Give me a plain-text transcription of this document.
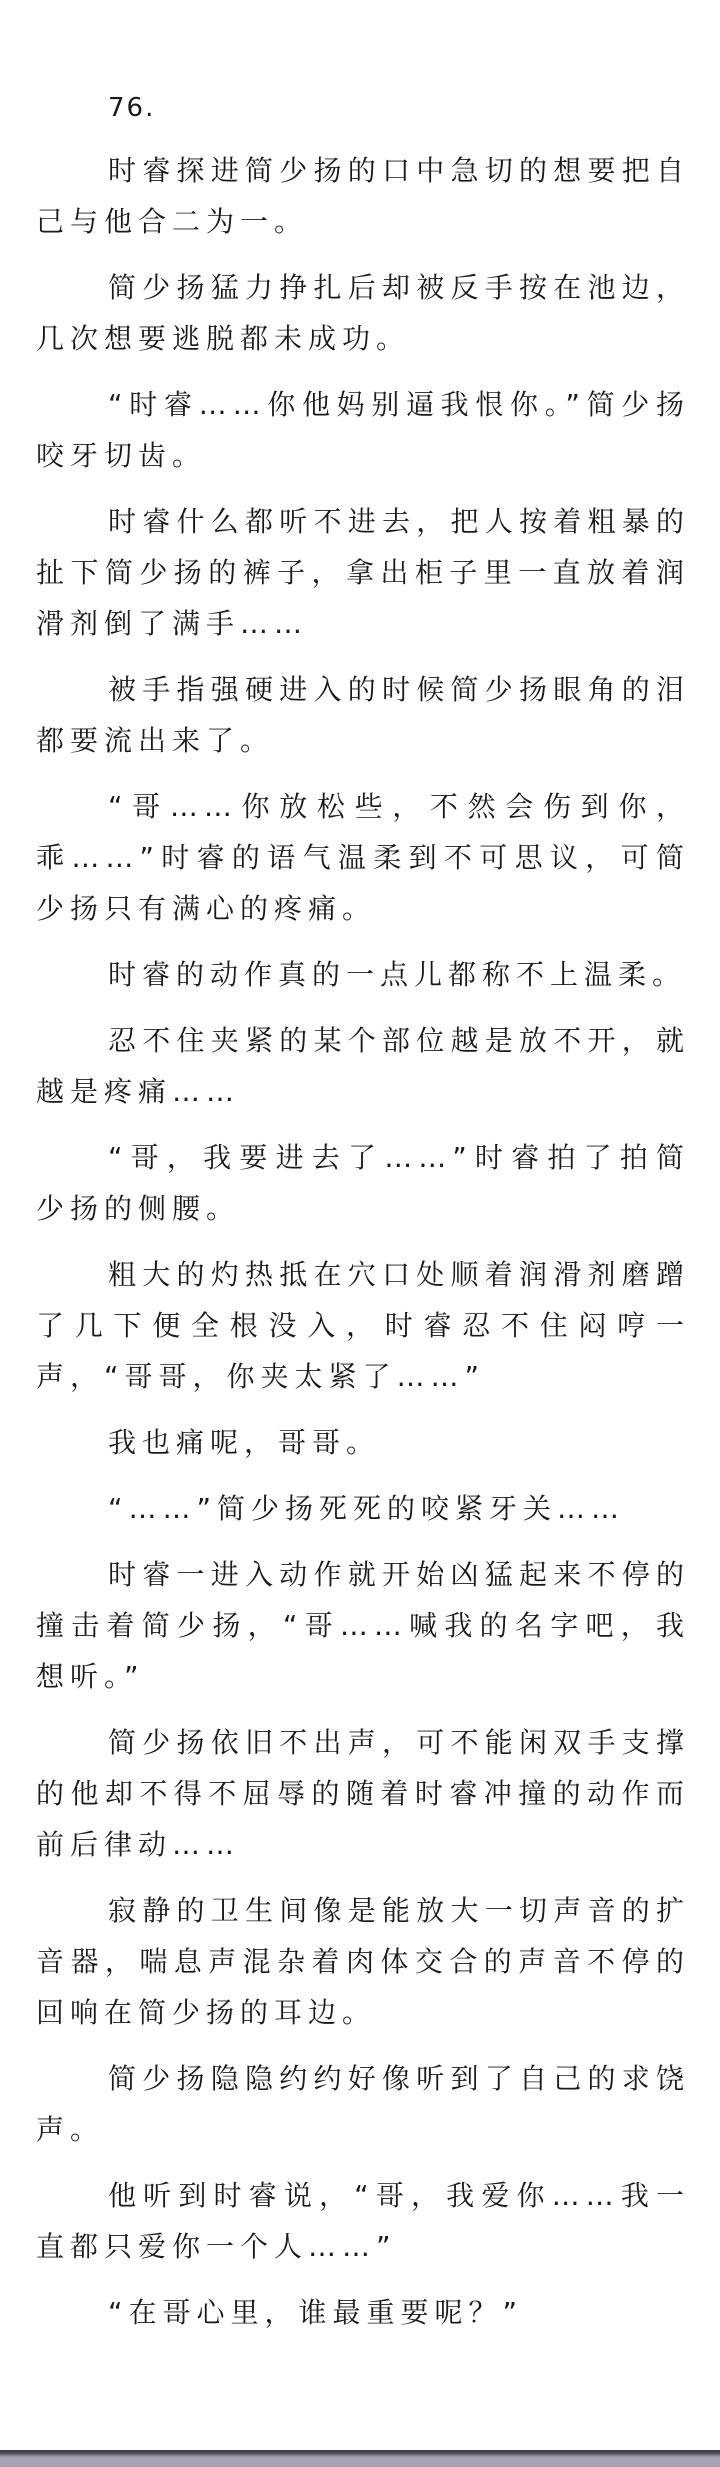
76.

时睿探进简少扬的口中急切的想要把自己与他合二为一。

简少扬猛力挣扎后却被反手按在池边，几次想要逃脱都未成功。

“时睿……你他妈别逼我恨你。”简少扬咬牙切齿。

时睿什么都听不进去，把人按着粗暴的扯下简少扬的裤子，拿出柜子里一直放着润滑剂倒了满手……

被手指强硬进入的时候简少扬眼角的泪都要流出来了。

“哥……你放松些，不然会伤到你，乖……”时睿的语气温柔到不可思议，可简少扬只有满心的疼痛。

时睿的动作真的一点儿都称不上温柔。

忍不住夹紧的某个部位越是放不开，就越是疼痛……

“哥，我要进去了……”时睿拍了拍简少扬的侧腰。

粗大的灼热抵在穴口处顺着润滑剂磨蹭了几下便全根没入，时睿忍不住闷哼一声，“哥哥，你夹太紧了……”

我也痛呢，哥哥。

“……”简少扬死死的咬紧牙关……

时睿一进入动作就开始凶猛起来不停的撞击着简少扬，“哥……喊我的名字吧，我想听。”

简少扬依旧不出声，可不能闲双手支撑的他却不得不屈辱的随着时睿冲撞的动作而前后律动……

寂静的卫生间像是能放大一切声音的扩音器，喘息声混杂着肉体交合的声音不停的回响在简少扬的耳边。

简少扬隐隐约约好像听到了自己的求饶声。

他听到时睿说，“哥，我爱你……我一直都只爱你一个人……”

“在哥心里，谁最重要呢？”
